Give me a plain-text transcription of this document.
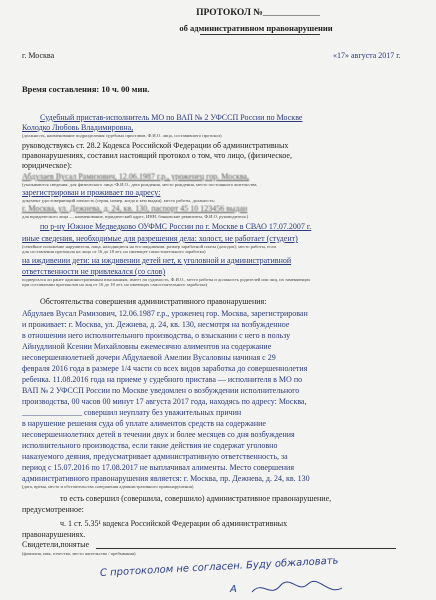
ПРОТОКОЛ №____________
об административном правонарушении
г. Москва	«17» августа 2017 г.
Время составления: 10 ч. 00 мин.
Судебный пристав-исполнитель МО по ВАП № 2 УФССП России по Москве
Колодко Любовь Владимировна,
(должность, наименование подразделения судебных приставов, Ф.И.О. лица, составившего протокол)
руководствуясь ст. 28.2 Кодекса Российской Федерации об административных
правонарушениях, составил настоящий протокол о том, что лицо, (физическое,
юридическое):
Абдулаев Вусал Рамизович, 12.06.1987 г.р., уроженец гор. Москва,
(указываются сведения: для физического лица -Ф.И.О., дата рождения, место рождения, место постоянного жительства,
зарегистрирован и проживает по адресу:
документ удостоверяющий личность (серия, номер, когда и кем выдан), место работы, должность;
г. Москва, ул. Дежнева, д. 24, кв. 130, паспорт 45 10 123456 выдан
для юридического лица — наименование, юридический адрес, ИНН, банковские реквизиты, Ф.И.О. руководителя.)
по р-ну Южное Медведково ОУФМС России по г. Москве в СВАО 17.07.2007 г.
иные сведения, необходимые для разрешения дела: холост, не работает (студент)
(семейное положение нарушителя, лица, находящиеся на его иждивении, размер заработной платы (доходов), место работы, если
для составления протокола на лицо от 16 до 18 лет, но имеющее самостоятельного заработка)
на иждивении дети: на иждивении детей нет, к уголовной и административной
ответственности не привлекался (со слов)
подвергался ли ранее административным взысканиям, имеет ли судимость, Ф.И.О., место работы и должность родителей или лиц, их заменяющих
при составлении протоколов на лиц от 16 до 18 лет, но имеющих самостоятельного заработка)
Обстоятельства совершения административного правонарушения:
Абдулаев Вусал Рамизович, 12.06.1987 г.р., уроженец гор. Москва, зарегистрирован
и проживает: г. Москва, ул. Дежнева, д. 24, кв. 130, несмотря на возбужденное
в отношении него исполнительного производства, о взыскании с него в пользу
Айнудлиной Ксении Михайловны ежемесячно алиментов на содержание
несовершеннолетней дочери Абдулаевой Амелии Вусаловны начиная с 29
февраля 2016 года в размере 1/4 части со всех видов заработка до совершеннолетия
ребенка. 11.08.2016 года на приеме у судебного пристава — исполнителя в МО по
ВАП № 2 УФССП России по Москве уведомлен о возбуждении исполнительного
производства, 00 часов 00 минут 17 августа 2017 года, находясь по адресу: Москва,
_______________ совершил неуплату без уважительных причин
в нарушение решения суда об уплате алиментов средств на содержание
несовершеннолетних детей в течении двух и более месяцев со дня возбуждения
исполнительного производства, если такие действия не содержат уголовно
наказуемого деяния, предусматривает административную ответственность, за
период с 15.07.2016 по 17.08.2017 не выплачивал алименты. Место совершения
административного правонарушения является: г. Москва, пр. Дежнева, д. 24, кв. 130
(дата, время, место и обстоятельства совершения административного правонарушения)
то есть совершил (совершила, совершило) административное правонарушение,
предусмотренное:
ч. 1 ст. 5.35¹ кодекса Российской Федерации об административных
правонарушениях.
Свидетели,понятые
(фамилия, имя, отчество, место жительства / пребывания)
С протоколом не согласен. Буду обжаловать
А
